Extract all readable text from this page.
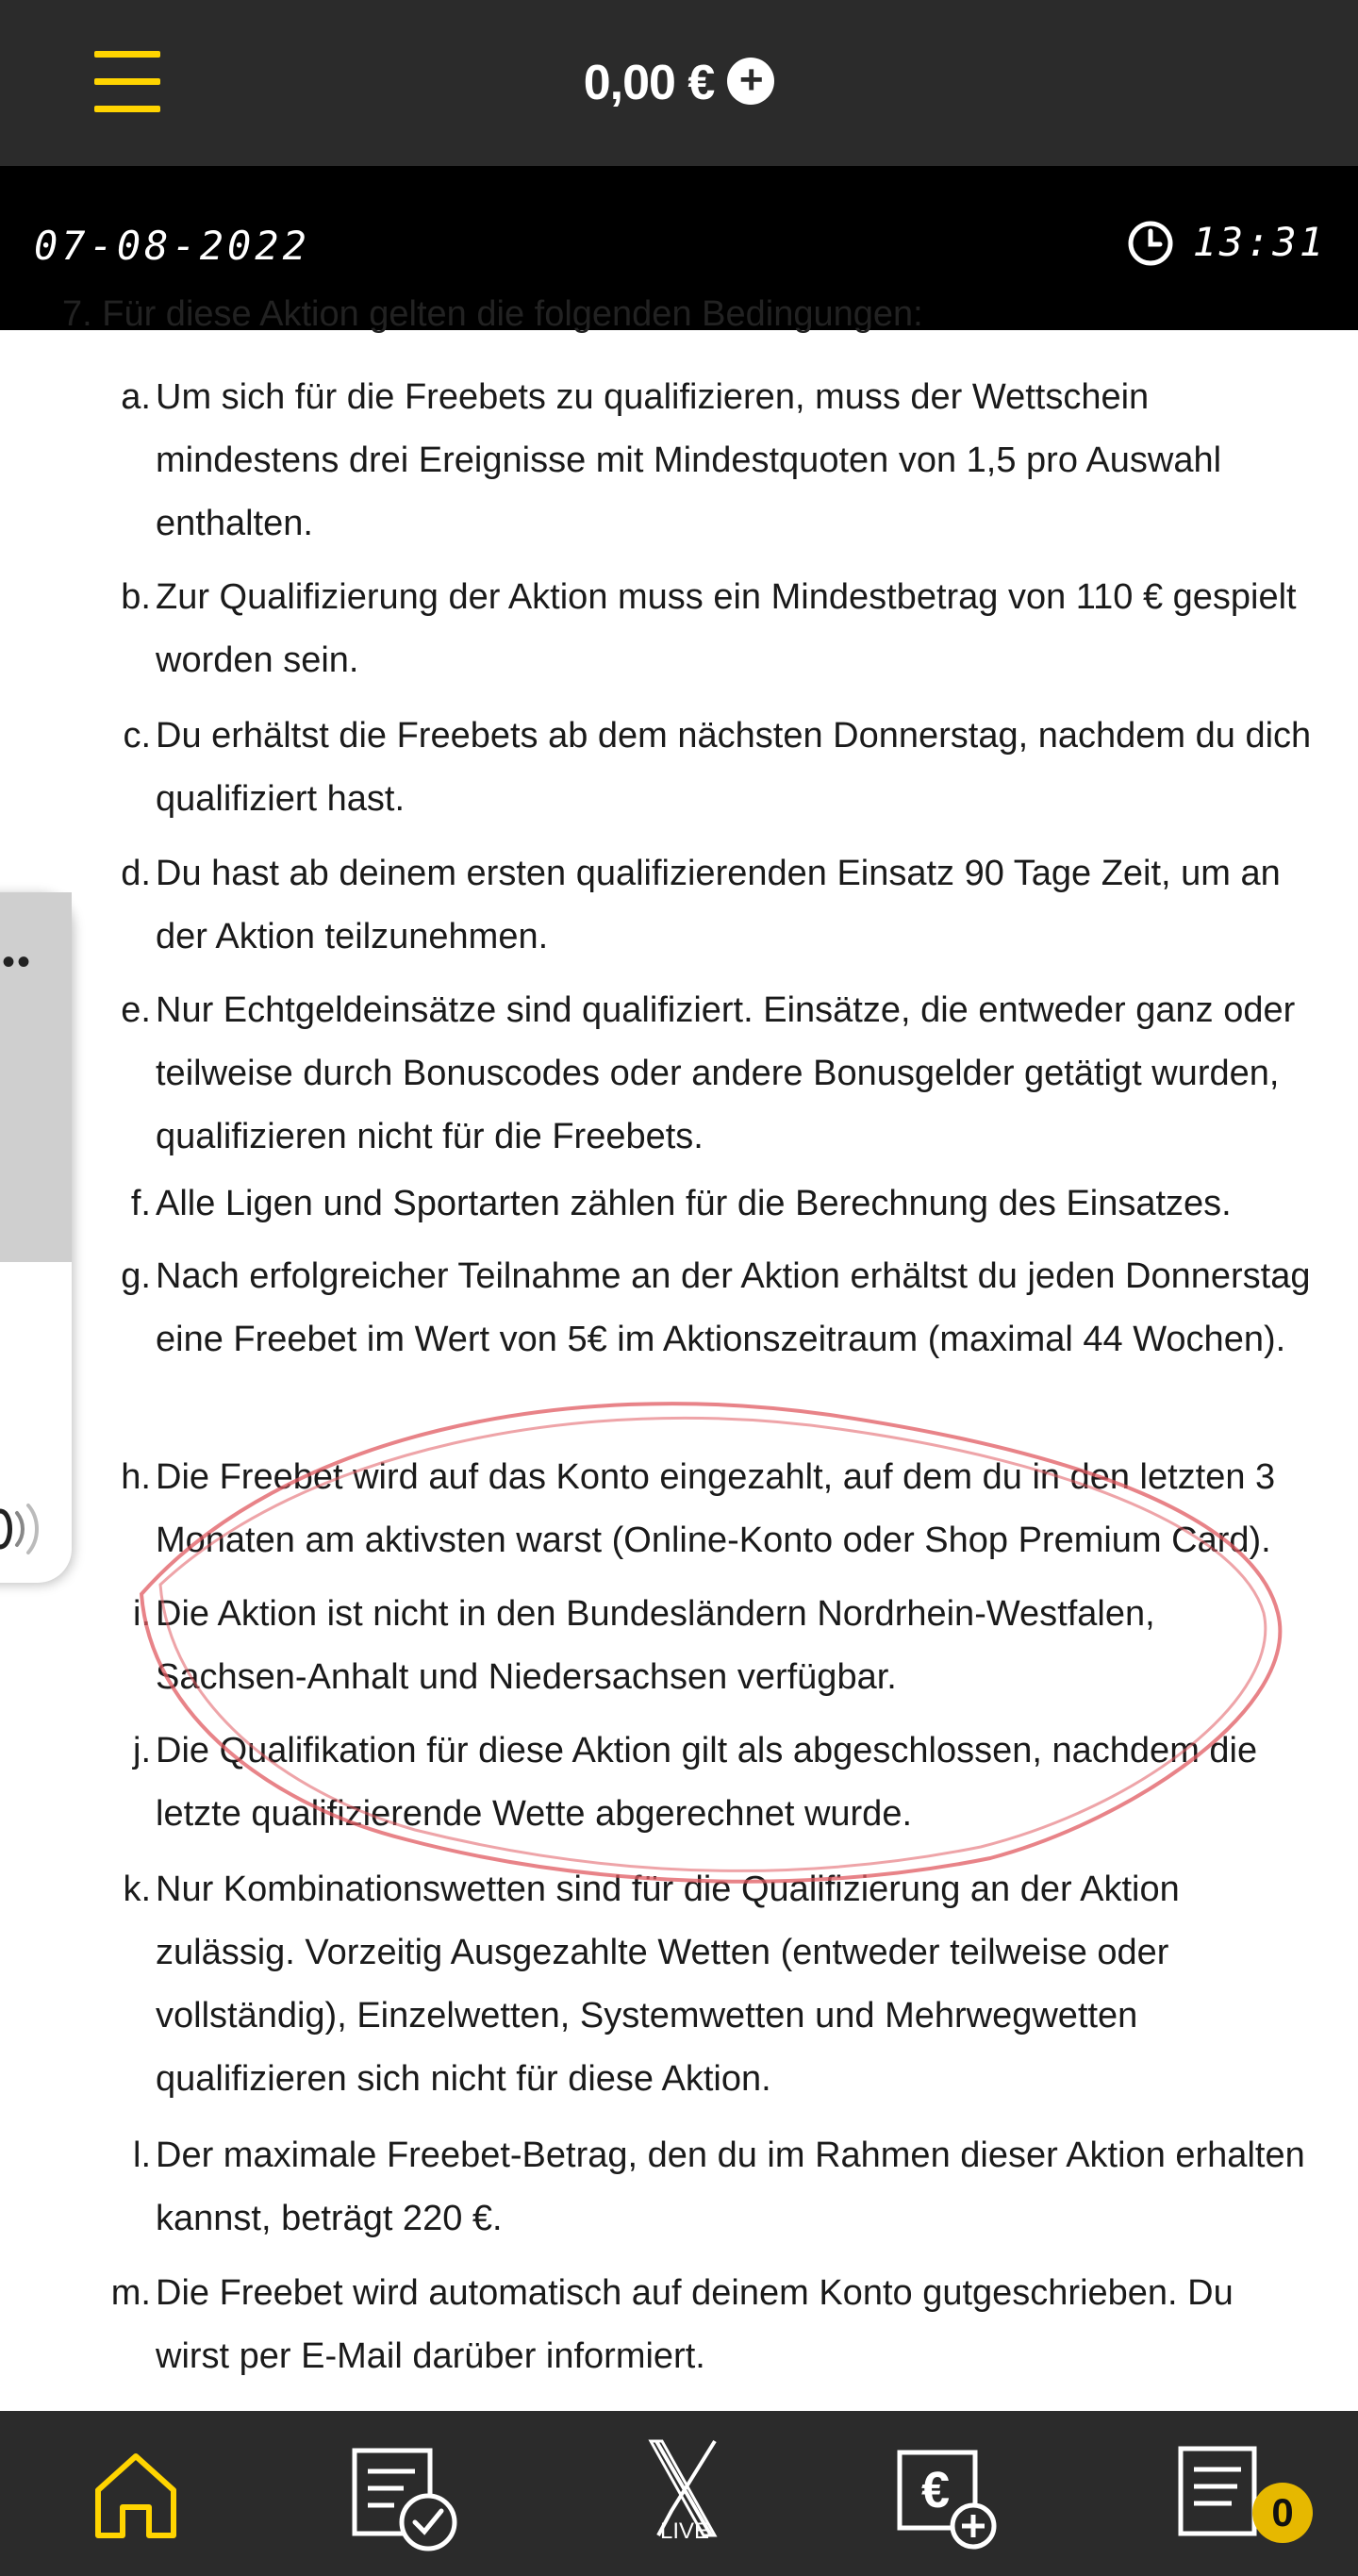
0,00 € +
07-08-2022	13:31
7. Für diese Aktion gelten die folgenden Bedingungen:
a. Um sich für die Freebets zu qualifizieren, muss der Wettschein mindestens drei Ereignisse mit Mindestquoten von 1,5 pro Auswahl enthalten.
b. Zur Qualifizierung der Aktion muss ein Mindestbetrag von 110 € gespielt worden sein.
c. Du erhältst die Freebets ab dem nächsten Donnerstag, nachdem du dich qualifiziert hast.
d. Du hast ab deinem ersten qualifizierenden Einsatz 90 Tage Zeit, um an der Aktion teilzunehmen.
e. Nur Echtgeldeinsätze sind qualifiziert. Einsätze, die entweder ganz oder teilweise durch Bonuscodes oder andere Bonusgelder getätigt wurden, qualifizieren nicht für die Freebets.
f. Alle Ligen und Sportarten zählen für die Berechnung des Einsatzes.
g. Nach erfolgreicher Teilnahme an der Aktion erhältst du jeden Donnerstag eine Freebet im Wert von 5€ im Aktionszeitraum (maximal 44 Wochen).
h. Die Freebet wird auf das Konto eingezahlt, auf dem du in den letzten 3 Monaten am aktivsten warst (Online-Konto oder Shop Premium Card).
i. Die Aktion ist nicht in den Bundesländern Nordrhein-Westfalen, Sachsen-Anhalt und Niedersachsen verfügbar.
j. Die Qualifikation für diese Aktion gilt als abgeschlossen, nachdem die letzte qualifizierende Wette abgerechnet wurde.
k. Nur Kombinationswetten sind für die Qualifizierung an der Aktion zulässig. Vorzeitig Ausgezahlte Wetten (entweder teilweise oder vollständig), Einzelwetten, Systemwetten und Mehrwegwetten qualifizieren sich nicht für diese Aktion.
l. Der maximale Freebet-Betrag, den du im Rahmen dieser Aktion erhalten kannst, beträgt 220 €.
m. Die Freebet wird automatisch auf deinem Konto gutgeschrieben. Du wirst per E-Mail darüber informiert.
••
LIVE
€	0
